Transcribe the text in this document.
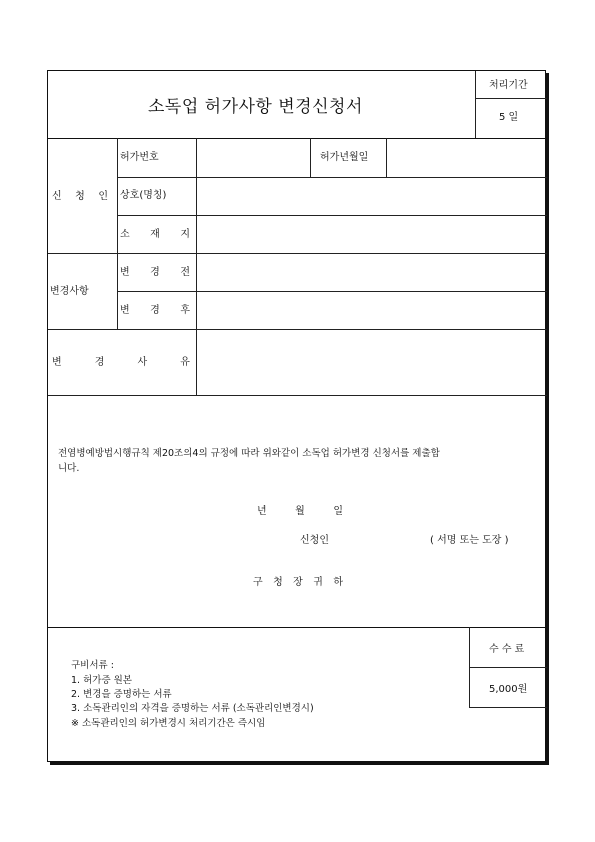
소독업 허가사항 변경신청서
처리기간
5 일
신 청 인
허가번호	허가년월일
상호(명칭)
소 재 지
변경사항
변 경 전
변 경 후
변	경	사	유
전염병예방법시행규칙 제20조의4의 규정에 따라 위와같이 소독업 허가변경 신청서를 제출합
니다.
년	월	일
신청인	( 서명 또는 도장 )
구 청 장 귀 하
수 수 료
5,000원
구비서류 :
1. 허가증 원본
2. 변경을 증명하는 서류
3. 소독관리인의 자격을 증명하는 서류 (소독관리인변경시)
※ 소독관리인의 허가변경시 처리기간은 즉시임
